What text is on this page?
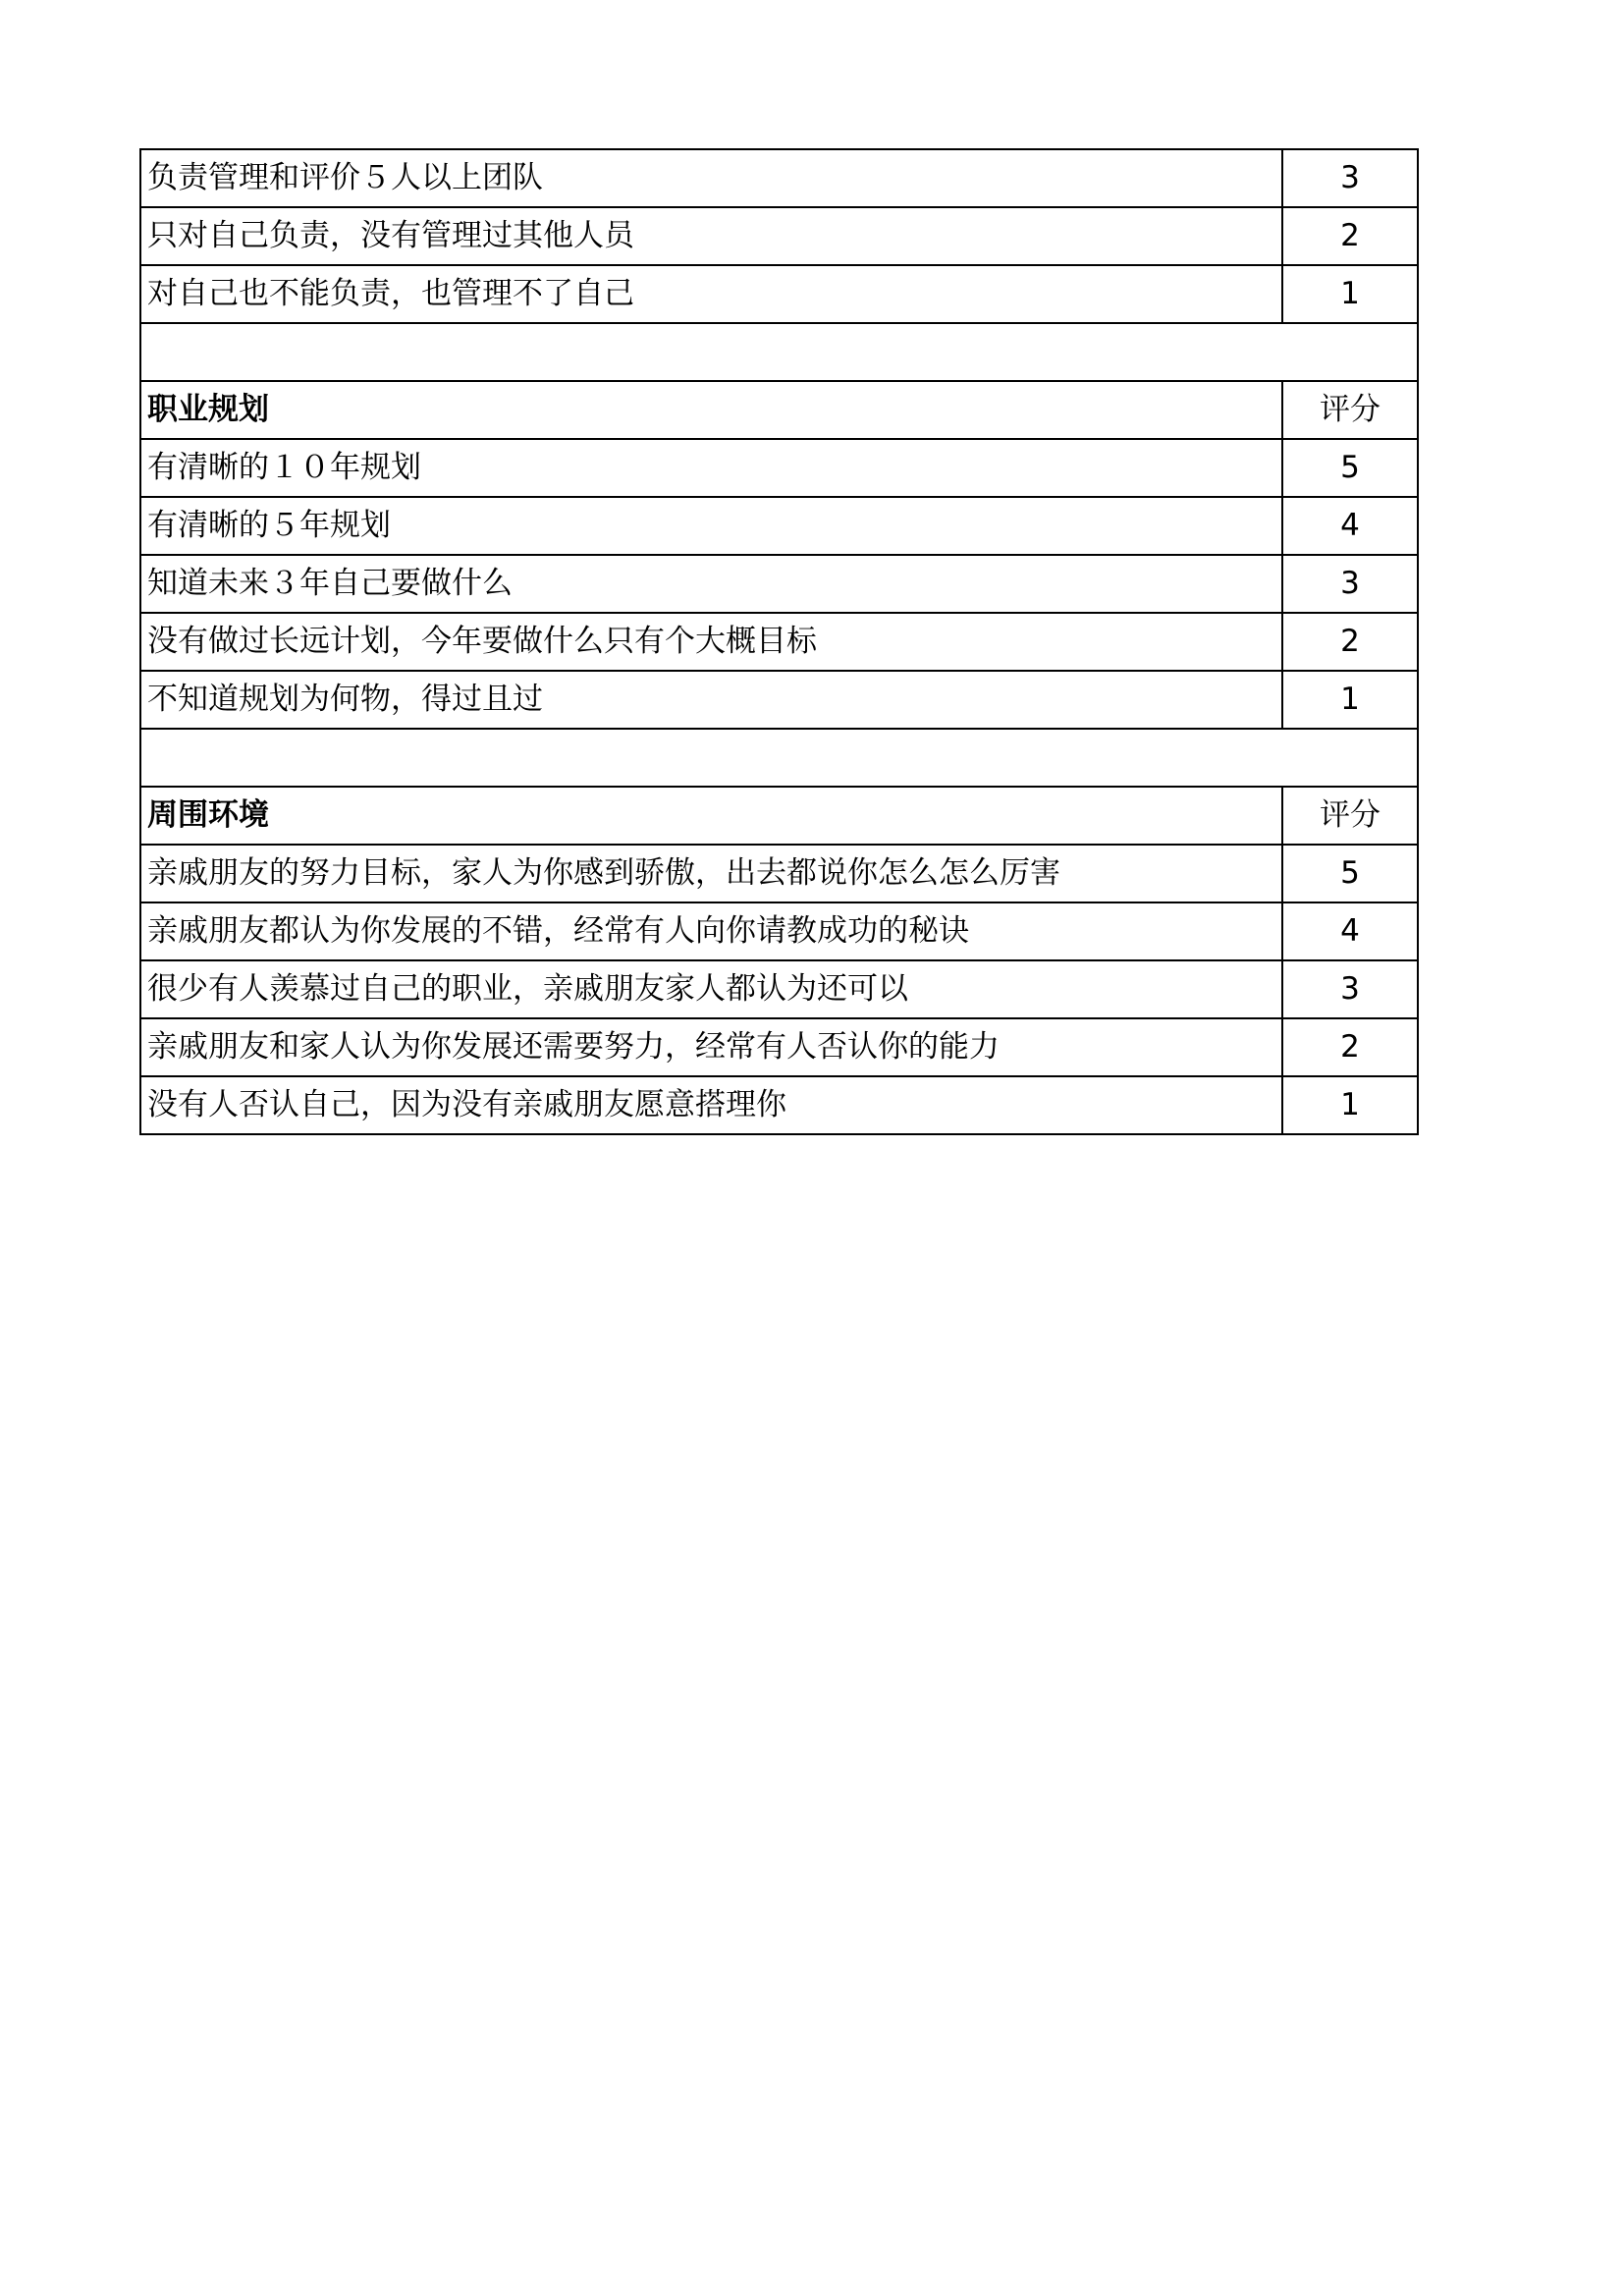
负责管理和评价５人以上团队	3
只对自己负责，没有管理过其他人员	2
对自己也不能负责，也管理不了自己	1

职业规划	评分
有清晰的１０年规划	5
有清晰的５年规划	4
知道未来３年自己要做什么	3
没有做过长远计划，今年要做什么只有个大概目标	2
不知道规划为何物，得过且过	1

周围环境	评分
亲戚朋友的努力目标，家人为你感到骄傲，出去都说你怎么怎么厉害	5
亲戚朋友都认为你发展的不错，经常有人向你请教成功的秘诀	4
很少有人羡慕过自己的职业，亲戚朋友家人都认为还可以	3
亲戚朋友和家人认为你发展还需要努力，经常有人否认你的能力	2
没有人否认自己，因为没有亲戚朋友愿意搭理你	1
